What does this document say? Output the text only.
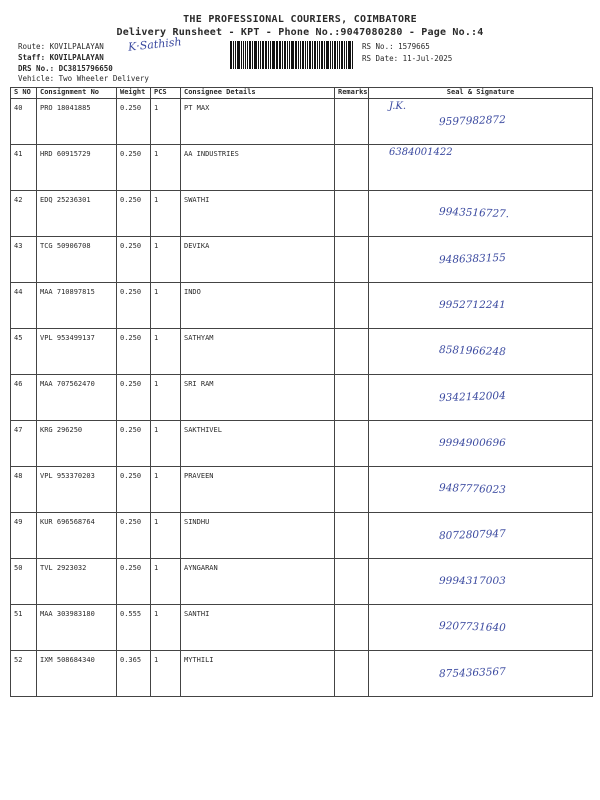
THE PROFESSIONAL COURIERS, COIMBATORE
Delivery Runsheet - KPT - Phone No.:9047080280 - Page No.:4
Route: KOVILPALAYAN
Staff: KOVILPALAYAN
K·Sathish
DRS No.: DC3815796650
Vehicle: Two Wheeler Delivery
RS No.: 1579665
RS Date: 11-Jul-2025
S NO	Consignment No	Weight	PCS	Consignee Details	Remarks	Seal & Signature
40	PRO 18041885	0.250	1	PT MAX		J.K.
9597982872

41	HRD 60915729	0.250	1	AA INDUSTRIES		6384001422

42	EDQ 25236301	0.250	1	SWATHI		9943516727.

43	TCG 50906708	0.250	1	DEVIKA		9486383155

44	MAA 710897815	0.250	1	INDO		9952712241

45	VPL 953499137	0.250	1	SATHYAM		8581966248

46	MAA 707562470	0.250	1	SRI RAM		9342142004

47	KRG 296250	0.250	1	SAKTHIVEL		9994900696

48	VPL 953370203	0.250	1	PRAVEEN		9487776023

49	KUR 696568764	0.250	1	SINDHU		8072807947

50	TVL 2923032	0.250	1	AYNGARAN		9994317003

51	MAA 303983180	0.555	1	SANTHI		9207731640

52	IXM 508684340	0.365	1	MYTHILI		8754363567
